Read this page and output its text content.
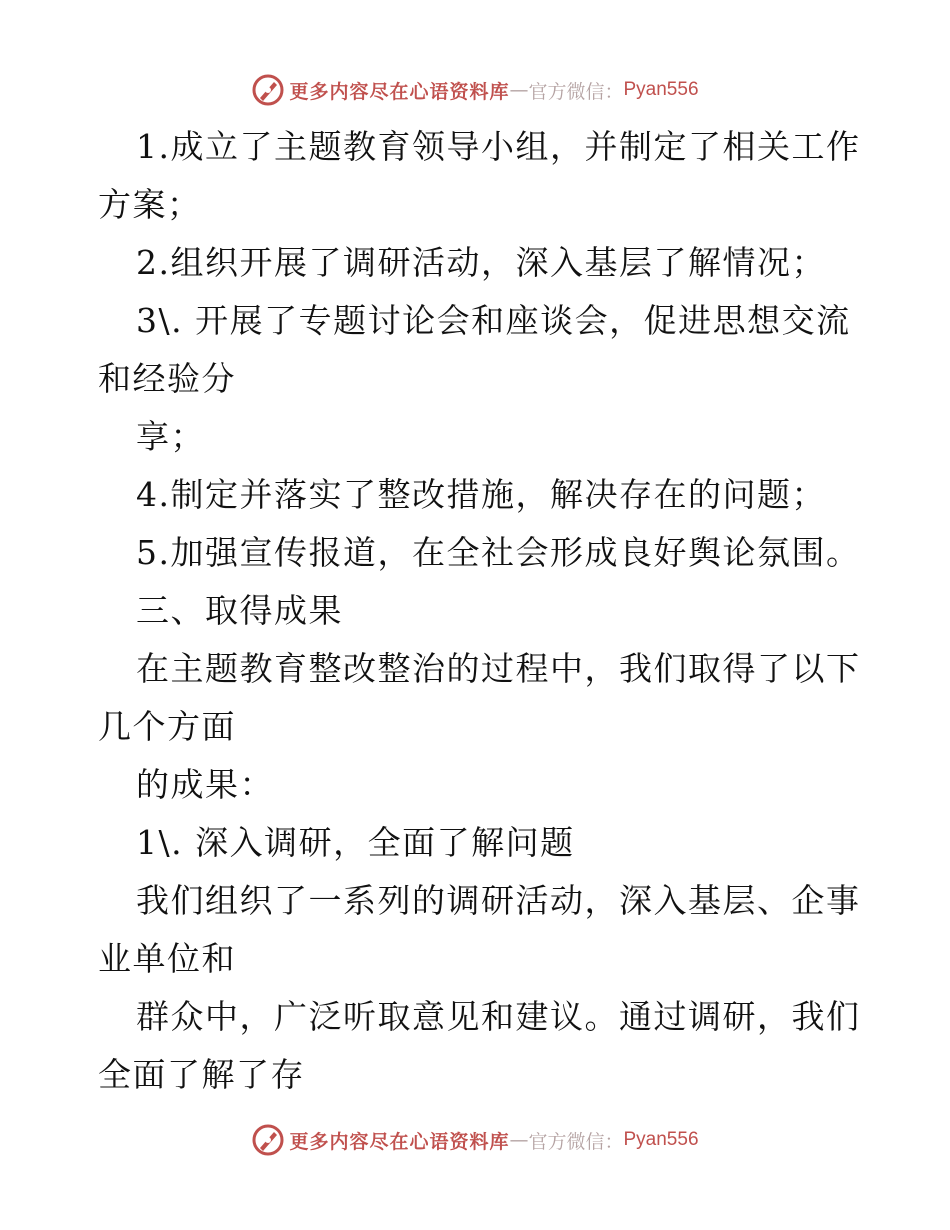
更多内容尽在心语资料库 — 官方微信： Pyan556
1.成立了主题教育领导小组，并制定了相关工作
方案；
2.组织开展了调研活动，深入基层了解情况；
3\. 开展了专题讨论会和座谈会，促进思想交流
和经验分
享；
4.制定并落实了整改措施，解决存在的问题；
5.加强宣传报道，在全社会形成良好舆论氛围。
三、取得成果
在主题教育整改整治的过程中，我们取得了以下
几个方面
的成果：
1\. 深入调研，全面了解问题
我们组织了一系列的调研活动，深入基层、企事
业单位和
群众中，广泛听取意见和建议。通过调研，我们
全面了解了存
更多内容尽在心语资料库 — 官方微信： Pyan556
